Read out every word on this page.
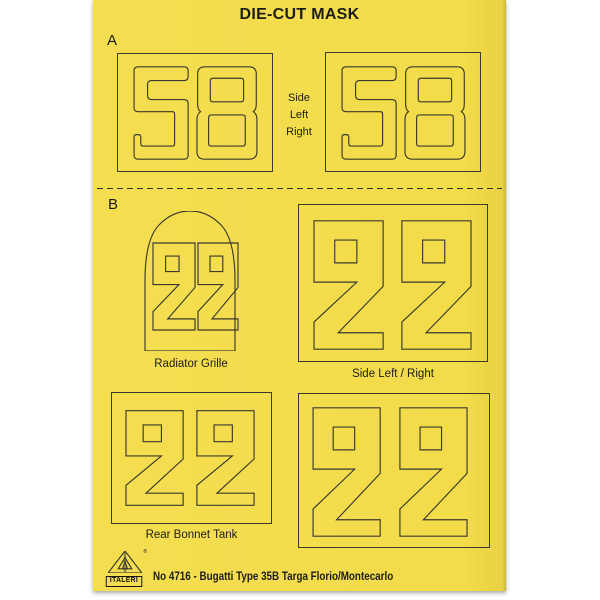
DIE-CUT MASK
A
Side
Left
Right
B
Radiator Grille
Side Left / Right
Rear Bonnet Tank
®
ITALERI	No 4716 - Bugatti Type 35B Targa Florio/Montecarlo
